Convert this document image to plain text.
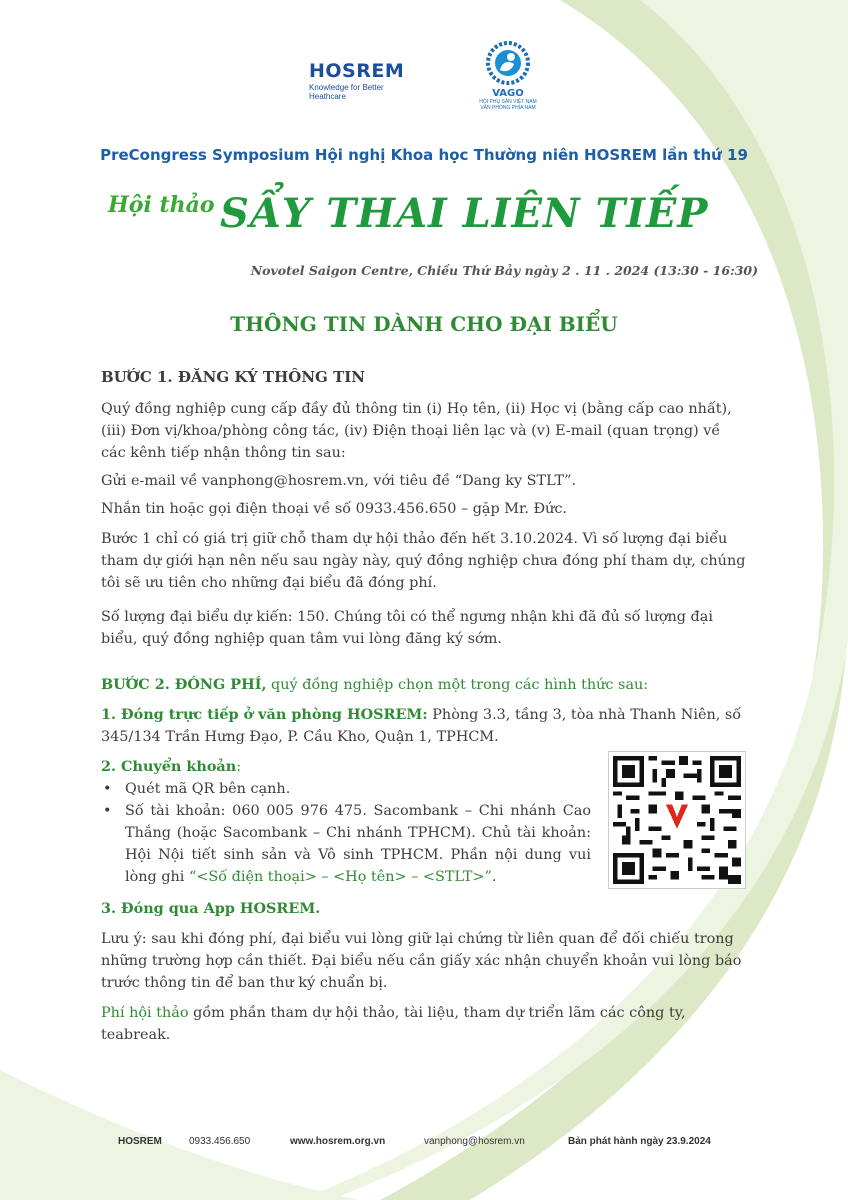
HOSREM
Knowledge for Better Heathcare	VAGO
HỘI PHỤ SẢN VIỆT NAM
VĂN PHÒNG PHÍA NAM
PreCongress Symposium Hội nghị Khoa học Thường niên HOSREM lần thứ 19
Hội thảo SẨY THAI LIÊN TIẾP
Novotel Saigon Centre, Chiều Thứ Bảy ngày 2 . 11 . 2024 (13:30 - 16:30)
THÔNG TIN DÀNH CHO ĐẠI BIỂU
BƯỚC 1. ĐĂNG KÝ THÔNG TIN
Quý đồng nghiệp cung cấp đầy đủ thông tin (i) Họ tên, (ii) Học vị (bằng cấp cao nhất), (iii) Đơn vị/khoa/phòng công tác, (iv) Điện thoại liên lạc và (v) E-mail (quan trọng) về các kênh tiếp nhận thông tin sau:
Gửi e-mail về vanphong@hosrem.vn, với tiêu đề “Dang ky STLT”.
Nhắn tin hoặc gọi điện thoại về số 0933.456.650 – gặp Mr. Đức.
Bước 1 chỉ có giá trị giữ chỗ tham dự hội thảo đến hết 3.10.2024. Vì số lượng đại biểu tham dự giới hạn nên nếu sau ngày này, quý đồng nghiệp chưa đóng phí tham dự, chúng tôi sẽ ưu tiên cho những đại biểu đã đóng phí.
Số lượng đại biểu dự kiến: 150. Chúng tôi có thể ngưng nhận khi đã đủ số lượng đại biểu, quý đồng nghiệp quan tâm vui lòng đăng ký sớm.
BƯỚC 2. ĐÓNG PHÍ, quý đồng nghiệp chọn một trong các hình thức sau:
1. Đóng trực tiếp ở văn phòng HOSREM: Phòng 3.3, tầng 3, tòa nhà Thanh Niên, số 345/134 Trần Hưng Đạo, P. Cầu Kho, Quận 1, TPHCM.
2. Chuyển khoản:
• Quét mã QR bên cạnh.
• Số tài khoản: 060 005 976 475. Sacombank – Chi nhánh Cao Thắng (hoặc Sacombank – Chi nhánh TPHCM). Chủ tài khoản: Hội Nội tiết sinh sản và Vô sinh TPHCM. Phần nội dung vui lòng ghi “<Số điện thoại> – <Họ tên> – <STLT>”.
3. Đóng qua App HOSREM.
Lưu ý: sau khi đóng phí, đại biểu vui lòng giữ lại chứng từ liên quan để đối chiếu trong những trường hợp cần thiết. Đại biểu nếu cần giấy xác nhận chuyển khoản vui lòng báo trước thông tin để ban thư ký chuẩn bị.
Phí hội thảo gồm phần tham dự hội thảo, tài liệu, tham dự triển lãm các công ty, teabreak.
HOSREM	0933.456.650	www.hosrem.org.vn	vanphong@hosrem.vn	Bản phát hành ngày 23.9.2024
